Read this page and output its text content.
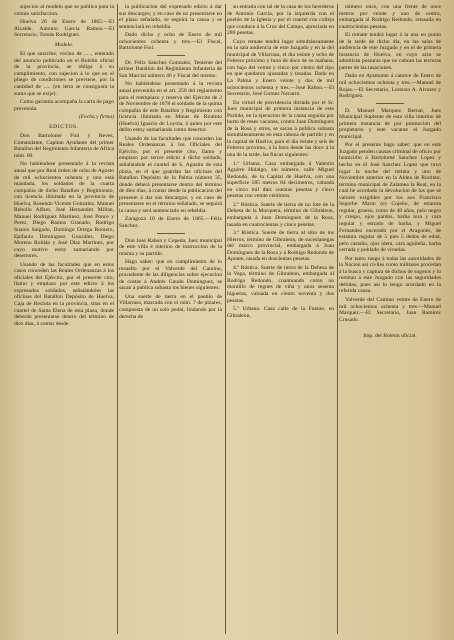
sujecion al modelo que se publica para la comun satisfaccion.

Huelva 26 de Enero de 1865.—El Alcalde, Antonio Garcia Ramos.—El Secretario, Tomás Rodriguez.

Modelo.

El que suscribe, vecino de ....., enterado del anuncio publicado en el Boletin oficial de la provincia, se obliga á su cumplimiento, con sujecion á lo que en el pliego de condiciones se previene, por la cantidad de ..... (en letra se consignará la suma que se exije).

Como garantía acompaña la carta de pago prevenida.

(Fecha y firma)

EDICTOS.

Don Bartolomé Fiol y Reves, Comandante, Capitan Ayudante del primer Batallon del Regimiento Infanteria de Africa núm. 60.

No habiéndose presentado á la revista anual que por Real órden de ocho de Agosto de mil ochocientos ochenta y uno está mandada, los soldados de la cuarta compañia de dicho Batallon y Regimiento, con licencia ilimitada en la provincia de Huelva, Rosendo Vicente Gonzalez, Manuel Rebollo Alfaro, José Hernandez Millan, Manuel Rodriguez Martinez, José Ponce y Perez, Diego Ramos Granado, Rodrigo Suarez Salgado, Domingo Ortega Romero, Epifanio Dominguez González, Diego Moreno Roldán y José Diaz Martinez, por cuyo motivo estoy sumariando por desertores.

Usando de las facultades que en estos casos conceden las Reales Ordenanzas á los oficiales del Ejército, por el presente cito, llamo y emplazo por este edicto á los expresados soldados, señalándoles las oficinas del Batallon Depósito de Huelva, Caja de Recluta en la provincia, sitas en el cuartel de Santa Elena de esta plaza, donde deberán presentarse dentro del término de diez dias, á contar desde

la publicacion del expresado edicto á dar sus descargos; y en caso de no presentarse en el plazo señalado, se seguirá la causa y se sentenciará en rebeldia.

Dado dicho y ocho de Enero de mil ochocientos ochenta y tres.—El Fiscal, Bartolomé Fiol.

Dr. Félix Sanchez Gonzalez, Teniente del primer Batallon del Regimiento Infanteria de San Marcial número 46 y Fiscal del mismo.

No habiéndose presentado á la revista anual prevenida en el art. 250 del reglamento para el reemplazo y reserva del Ejército de 2 de Noviembre de 1878 el soldado de la quinta compañia de este Batallon y Regimiento con licencia ilimitada en Minas de Riotinto (Huelva) Ignacio de Loyola, á quien por este delito estoy sumariando como desertor.

Usando de las facultades que conceden las Reales Ordenanzas á los Oficiales del Ejército, por el presente cito, llamo y emplazo por tercer edicto á dicho soldado, señalándole el cuartel de S. Agustin de esta plaza, en el que guardan las oficinas del Batallon Depósito de la Palma número 35, donde deberá presentarse dentro del término de diez dias, á contar desde la publicacion del presente á dar sus descargos; y en caso de presentarse en el término señalado, se seguirá la causa y será sentenciado en rebeldia.

Zaragoza 10 de Enero de 1865.—Félix Sanchez.

Don José Rabon y Cepeda, Juez municipal de este villa é interino de instruccion de la misma y su partido.

Hago saber: que en cumplimiento de lo resuelto por el Valverde del Camino, procedente de las diligencias sobre ejecucion de costas á Andrés Gaudo Dominguez, se sacan á publica subasta los bienes siguientes:

Una suerte de tierra en el pueblo de Villarrasa, marcada con el núm. 7 de pinares, compuesta de un solo pedal, lindando por la derecha de

su entrada con tal de la casa de los herederos de Antonio Garcia, por la izquierda con el pueblo de la Iglesia y por el cuartel con colleja que conduce á la Cruz del Campo, apreciada en 280 pesetas.

Cuyo remate tendrá lugar simultáneamente en la sala audiencia de este Juzgado y en la del municipal de Villarrasa, el dia veinte y ocho de Febrero próximo y hora de doce de su mañana, con bajo del veinte y cinco por ciento del tipo en que quedaron ajustadas y tasadas. Dado en La Palma y Enero veinte y dos de mil ochocientos ochenta y tres.—José Rabon.—El Secretario, José Gomez Navarro.

En virtud de providencia dictada por el Sr. Juez municipal de primera instancia de este Partido, en la ejecucion de la causa seguida por hurto de reses vacunas, contra Juan Domínguez de la Rosa y otros, se sacan á publica subasta simultáneamente en esta cabeza de partido y en la capital de Huelva, para el dia veinte y seis de Febrero próximo, á la hora desde las doce á la una de la tarde, las fincas siguientes:

1.º Urbana. Casa embargada á Valentin Aguirre Hidalgo, sin número, calle Miguel Redondo, de la Capital de Huelva, con una superficie 185 metros 84 decimetros, valuada en cinco mil diez cuentas pesetas y cinco pesetas con veinte céntimos.

2.º Rústica. Suerte de tierra de no lote de la Dehesa de la Morquera, término de Gibraleon, embargada á Juan Domínguez de la Rosa, tasada en cuatrocientas y cinco pesetas.

3.º Rústica. Suerte de tierra al sitio de los Hierros, término de Gibraleon, de suceslanegas del marco provincial, embargada á Juan Domínguez de la Rosa y á Rodrigo Redondo de Aponte, tasada en doscientas pesetas.

4.º Rústica. Suerte de tierra de la Dehesa de la Vega, término de Gibraleon, embargada al Rodrigo Redondo, cuantuando como un montillo de regues de viña y unos sesenta higueras, valuada en ciento noventa y dos pesetas.

5.º Urbana. Casa calle de la Fuente, en Gibraleon,

número once, con una frente de once metros por veinte y uno de centro, embargada al Rodrigo Redondo, retasada en cuatrocientas pesetas.

El remate tendrá lugar á la una en punto de la tarde de dicho dia, en las salas de audiencia de este Juzgado y en el de primera instancia de Huelva, en cuyo acto se admitirán posturas que no cubran las terceras partes de las tasaciones.

Dado en Ayamonte á catorce de Enero de mil ochocientos ochenta y tres.—Manuel de Rojas.—El Secretario, Lorenzo A. Alvarez y Rodriguez.

D. Manuel Marquez Bernal, Juez Municipal Suplente de esta villa interino de primera instancia de por promocion del propietario y este vacante el Juzgado municipal.

Por el presente hago saber: que en este Juzgado penden causas criminal de oficio por homicidio á Bartolomé Sanchez Lopez y hecho en él José Sanchez Lopez que tuvo lugar la noche del treinta y uno de Noviembre anterior en la Aldea de Riotinto, término municipal de Zalamea la Real, en la cual he acordado la devolucion de los que se valores exigibles por los aos Francisco Segorbe Marin (e) Cojeño, de estatura regular, grueso, como de 40 años, pelo negro y crespo, ojos pardos, barba lora y cara regular y estrado de barba, y Miguel Fernandez encerado por el Aragonés, de estatura regular de 5 pies 5 dedos de edad, pelo castaño, ojos idem, cara aguileña, barba cerrada y poblado de viruelas.

Por tanto ruego á todas las autoridades de la Nacion así civiles como militares procedan á la busca y captura de dichos de sugetos y lo remitan á este Juzgado con las seguridades debidas, pues así lo tengo acordado en la referida causa.

Valverde del Camino veinte de Enero de mil ochocientos ochenta y tres.—Manuel Marquez.—El Secretario, Juan Ramirez Crusado.

Imp. del Boletin oficial.
